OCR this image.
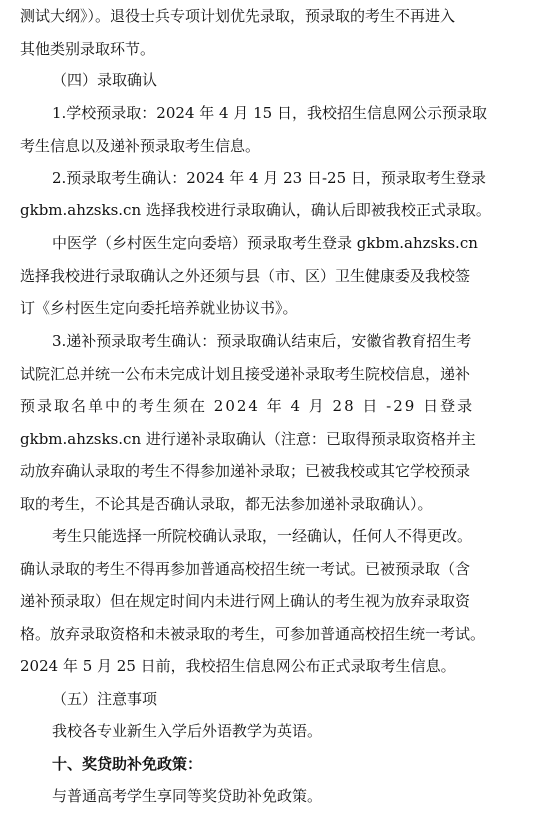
测试大纲》）。退役士兵专项计划优先录取，预录取的考生不再进入
其他类别录取环节。
（四）录取确认
1.学校预录取：2024 年 4 月 15 日，我校招生信息网公示预录取
考生信息以及递补预录取考生信息。
2.预录取考生确认：2024 年 4 月 23 日-25 日，预录取考生登录
gkbm.ahzsks.cn 选择我校进行录取确认，确认后即被我校正式录取。
中医学（乡村医生定向委培）预录取考生登录 gkbm.ahzsks.cn
选择我校进行录取确认之外还须与县（市、区）卫生健康委及我校签
订《乡村医生定向委托培养就业协议书》。
3.递补预录取考生确认：预录取确认结束后，安徽省教育招生考
试院汇总并统一公布未完成计划且接受递补录取考生院校信息，递补
预录取名单中的考生须在 2024 年 4 月 28 日 -29 日登录
gkbm.ahzsks.cn 进行递补录取确认（注意：已取得预录取资格并主
动放弃确认录取的考生不得参加递补录取；已被我校或其它学校预录
取的考生，不论其是否确认录取，都无法参加递补录取确认）。
考生只能选择一所院校确认录取，一经确认，任何人不得更改。
确认录取的考生不得再参加普通高校招生统一考试。已被预录取（含
递补预录取）但在规定时间内未进行网上确认的考生视为放弃录取资
格。放弃录取资格和未被录取的考生，可参加普通高校招生统一考试。
2024 年 5 月 25 日前，我校招生信息网公布正式录取考生信息。
（五）注意事项
我校各专业新生入学后外语教学为英语。
十、奖贷助补免政策：
与普通高考学生享同等奖贷助补免政策。
